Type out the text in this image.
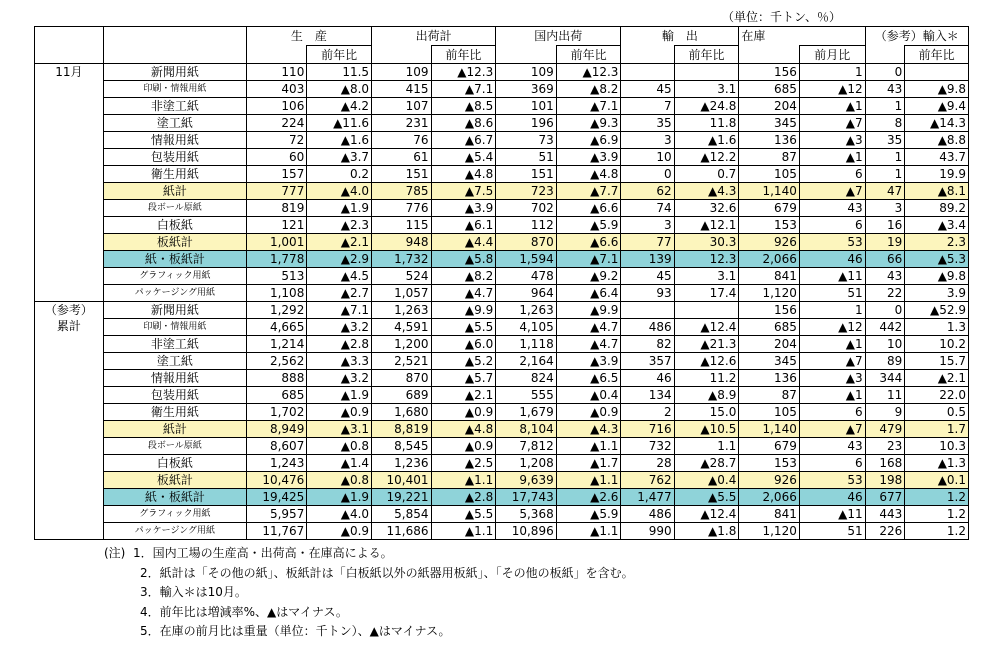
（単位：千トン、％）
		生　産		出荷計		国内出荷		輸　出		在庫		（参考）輸入＊	
			前年比		前年比		前年比		前年比		前月比		前年比

11月	新聞用紙	110	11.5	109	▲12.3	109	▲12.3			156	1	0	
	印刷・情報用紙	403	▲8.0	415	▲7.1	369	▲8.2	45	3.1	685	▲12	43	▲9.8
	非塗工紙	106	▲4.2	107	▲8.5	101	▲7.1	7	▲24.8	204	▲1	1	▲9.4
	塗工紙	224	▲11.6	231	▲8.6	196	▲9.3	35	11.8	345	▲7	8	▲14.3
	情報用紙	72	▲1.6	76	▲6.7	73	▲6.9	3	▲1.6	136	▲3	35	▲8.8
	包装用紙	60	▲3.7	61	▲5.4	51	▲3.9	10	▲12.2	87	▲1	1	43.7
	衛生用紙	157	0.2	151	▲4.8	151	▲4.8	0	0.7	105	6	1	19.9
	紙計	777	▲4.0	785	▲7.5	723	▲7.7	62	▲4.3	1,140	▲7	47	▲8.1
	段ボール原紙	819	▲1.9	776	▲3.9	702	▲6.6	74	32.6	679	43	3	89.2
	白板紙	121	▲2.3	115	▲6.1	112	▲5.9	3	▲12.1	153	6	16	▲3.4
	板紙計	1,001	▲2.1	948	▲4.4	870	▲6.6	77	30.3	926	53	19	2.3
	紙・板紙計	1,778	▲2.9	1,732	▲5.8	1,594	▲7.1	139	12.3	2,066	46	66	▲5.3
	グラフィック用紙	513	▲4.5	524	▲8.2	478	▲9.2	45	3.1	841	▲11	43	▲9.8
	パッケージング用紙	1,108	▲2.7	1,057	▲4.7	964	▲6.4	93	17.4	1,120	51	22	3.9

（参考）
累計	新聞用紙	1,292	▲7.1	1,263	▲9.9	1,263	▲9.9			156	1	0	▲52.9
	印刷・情報用紙	4,665	▲3.2	4,591	▲5.5	4,105	▲4.7	486	▲12.4	685	▲12	442	1.3
	非塗工紙	1,214	▲2.8	1,200	▲6.0	1,118	▲4.7	82	▲21.3	204	▲1	10	10.2
	塗工紙	2,562	▲3.3	2,521	▲5.2	2,164	▲3.9	357	▲12.6	345	▲7	89	15.7
	情報用紙	888	▲3.2	870	▲5.7	824	▲6.5	46	11.2	136	▲3	344	▲2.1
	包装用紙	685	▲1.9	689	▲2.1	555	▲0.4	134	▲8.9	87	▲1	11	22.0
	衛生用紙	1,702	▲0.9	1,680	▲0.9	1,679	▲0.9	2	15.0	105	6	9	0.5
	紙計	8,949	▲3.1	8,819	▲4.8	8,104	▲4.3	716	▲10.5	1,140	▲7	479	1.7
	段ボール原紙	8,607	▲0.8	8,545	▲0.9	7,812	▲1.1	732	1.1	679	43	23	10.3
	白板紙	1,243	▲1.4	1,236	▲2.5	1,208	▲1.7	28	▲28.7	153	6	168	▲1.3
	板紙計	10,476	▲0.8	10,401	▲1.1	9,639	▲1.1	762	▲0.4	926	53	198	▲0.1
	紙・板紙計	19,425	▲1.9	19,221	▲2.8	17,743	▲2.6	1,477	▲5.5	2,066	46	677	1.2
	グラフィック用紙	5,957	▲4.0	5,854	▲5.5	5,368	▲5.9	486	▲12.4	841	▲11	443	1.2
	パッケージング用紙	11,767	▲0.9	11,686	▲1.1	10,896	▲1.1	990	▲1.8	1,120	51	226	1.2
(注)  1．国内工場の生産高・出荷高・在庫高による。
　　　2．紙計は「その他の紙」、板紙計は「白板紙以外の紙器用板紙」、「その他の板紙」を含む。
　　　3．輸入＊は10月。
　　　4．前年比は増減率%、▲はマイナス。
　　　5．在庫の前月比は重量（単位：千トン）、▲はマイナス。
